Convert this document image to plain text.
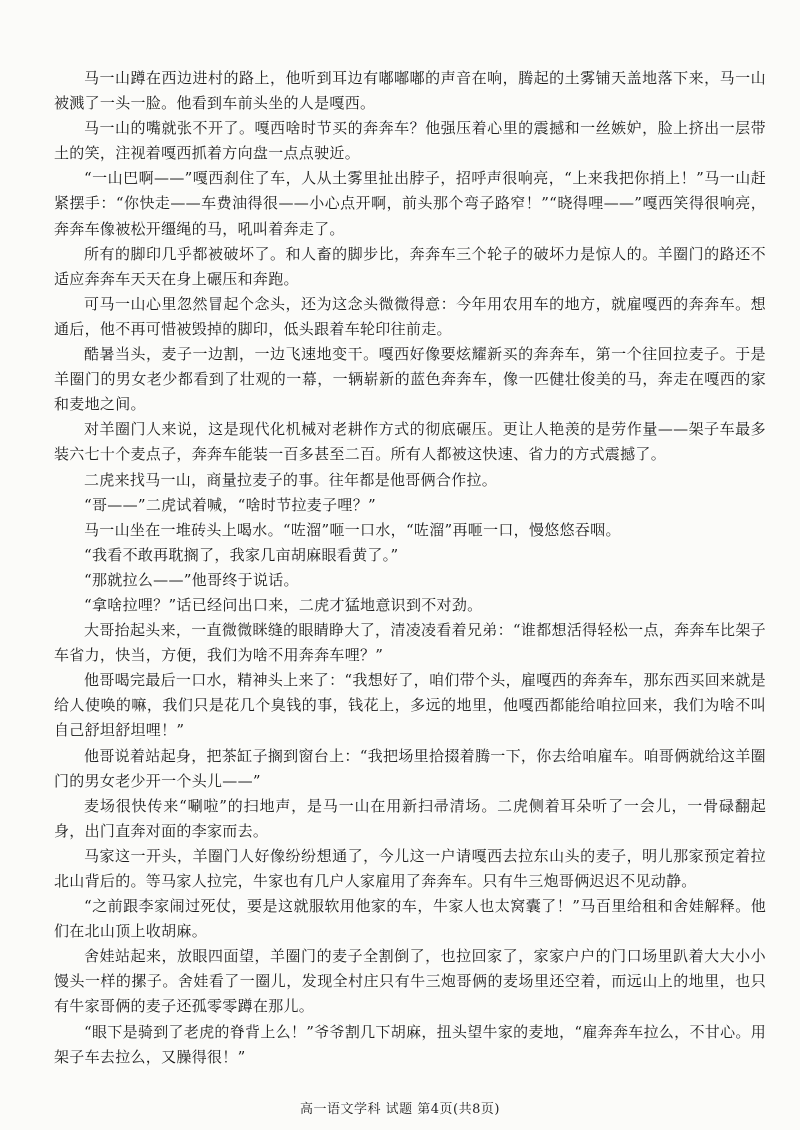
马一山蹲在西边进村的路上，他听到耳边有嘟嘟嘟的声音在响，腾起的土雾铺天盖地落下来，马一山被溅了一头一脸。他看到车前头坐的人是嘎西。

马一山的嘴就张不开了。嘎西啥时节买的奔奔车？他强压着心里的震撼和一丝嫉妒，脸上挤出一层带土的笑，注视着嘎西抓着方向盘一点点驶近。

“一山巴啊——”嘎西刹住了车，人从土雾里扯出脖子，招呼声很响亮，“上来我把你捎上！”马一山赶紧摆手：“你快走——车费油得很——小心点开啊，前头那个弯子路窄！”“晓得哩——”嘎西笑得很响亮，奔奔车像被松开缰绳的马，吼叫着奔走了。

所有的脚印几乎都被破坏了。和人畜的脚步比，奔奔车三个轮子的破坏力是惊人的。羊圈门的路还不适应奔奔车天天在身上碾压和奔跑。

可马一山心里忽然冒起个念头，还为这念头微微得意：今年用农用车的地方，就雇嘎西的奔奔车。想通后，他不再可惜被毁掉的脚印，低头跟着车轮印往前走。

酷暑当头，麦子一边割，一边飞速地变干。嘎西好像要炫耀新买的奔奔车，第一个往回拉麦子。于是羊圈门的男女老少都看到了壮观的一幕，一辆崭新的蓝色奔奔车，像一匹健壮俊美的马，奔走在嘎西的家和麦地之间。

对羊圈门人来说，这是现代化机械对老耕作方式的彻底碾压。更让人艳羡的是劳作量——架子车最多装六七十个麦点子，奔奔车能装一百多甚至二百。所有人都被这快速、省力的方式震撼了。

二虎来找马一山，商量拉麦子的事。往年都是他哥俩合作拉。

“哥——”二虎试着喊，“啥时节拉麦子哩？”

马一山坐在一堆砖头上喝水。“咗溜”咂一口水，“咗溜”再咂一口，慢悠悠吞咽。

“我看不敢再耽搁了，我家几亩胡麻眼看黄了。”

“那就拉么——”他哥终于说话。

“拿啥拉哩？”话已经问出口来，二虎才猛地意识到不对劲。

大哥抬起头来，一直微微眯缝的眼睛睁大了，清凌凌看着兄弟：“谁都想活得轻松一点，奔奔车比架子车省力，快当，方便，我们为啥不用奔奔车哩？”

他哥喝完最后一口水，精神头上来了：“我想好了，咱们带个头，雇嘎西的奔奔车，那东西买回来就是给人使唤的嘛，我们只是花几个臭钱的事，钱花上，多远的地里，他嘎西都能给咱拉回来，我们为啥不叫自己舒坦舒坦哩！”

他哥说着站起身，把茶缸子搁到窗台上：“我把场里拾掇着腾一下，你去给咱雇车。咱哥俩就给这羊圈门的男女老少开一个头儿——”

麦场很快传来“唰啦”的扫地声，是马一山在用新扫帚清场。二虎侧着耳朵听了一会儿，一骨碌翻起身，出门直奔对面的李家而去。

马家这一开头，羊圈门人好像纷纷想通了，今儿这一户请嘎西去拉东山头的麦子，明儿那家预定着拉北山背后的。等马家人拉完，牛家也有几户人家雇用了奔奔车。只有牛三炮哥俩迟迟不见动静。

“之前跟李家闹过死仗，要是这就服软用他家的车，牛家人也太窝囊了！”马百里给租和舍娃解释。他们在北山顶上收胡麻。

舍娃站起来，放眼四面望，羊圈门的麦子全割倒了，也拉回家了，家家户户的门口场里趴着大大小小馒头一样的摞子。舍娃看了一圈儿，发现全村庄只有牛三炮哥俩的麦场里还空着，而远山上的地里，也只有牛家哥俩的麦子还孤零零蹲在那儿。

“眼下是骑到了老虎的脊背上么！”爷爷割几下胡麻，扭头望牛家的麦地，“雇奔奔车拉么，不甘心。用架子车去拉么，又臊得很！”

高一语文学科 试题 第4页(共8页)
